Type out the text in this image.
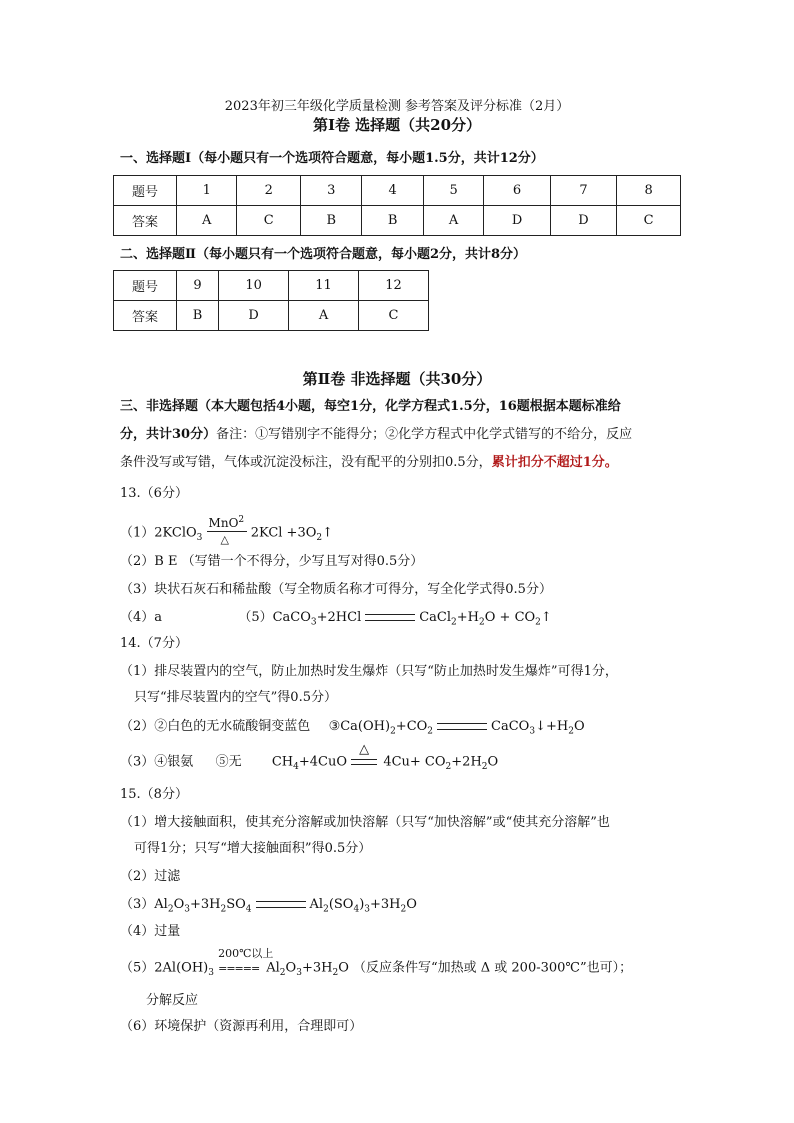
2023年初三年级化学质量检测 参考答案及评分标准（2月）
第Ⅰ卷 选择题（共20分）
一、选择题Ⅰ（每小题只有一个选项符合题意，每小题1.5分，共计12分）
题号	1	2	3	4	5	6	7	8
答案	A	C	B	B	A	D	D	C
二、选择题Ⅱ（每小题只有一个选项符合题意，每小题2分，共计8分）
题号	9	10	11	12
答案	B	D	A	C
第Ⅱ卷 非选择题（共30分）
三、非选择题（本大题包括4小题，每空1分，化学方程式1.5分，16题根据本题标准给
分，共计30分）备注：①写错别字不能得分；②化学方程式中化学式错写的不给分，反应
条件没写或写错，气体或沉淀没标注，没有配平的分别扣0.5分，累计扣分不超过1分。
13.（6分）
（1）2KClO$_3$
MnO$^2$
△ $2KCl +3O_2↑$
（2）B E （写错一个不得分，少写且写对得0.5分）
（3）块状石灰石和稀盐酸（写全物质名称才可得分，写全化学式得0.5分）
（4）a	（5）CaCO$_3$+2HCl	$CaCl_2+H_2O$ + $CO_2↑$
14.（7分）
（1）排尽装置内的空气，防止加热时发生爆炸（只写“防止加热时发生爆炸”可得1分，
只写“排尽装置内的空气”得0.5分）
（2）②白色的无水硫酸铜变蓝色 $③Ca(OH)_2+CO_2$	$CaCO_3↓+H_2O$
（3）④银氨 ⑤无 $CH_4+4CuO$
△
$4Cu+ CO_2+2H_2O$
15.（8分）
（1）增大接触面积，使其充分溶解或加快溶解（只写“加快溶解”或“使其充分溶解”也
可得1分；只写“增大接触面积”得0.5分）
（2）过滤
$(3)Al_2O_3+3H_2SO_4$	$Al_2(SO_4)_3+3H_2O$
（4）过量
$(5)2Al(OH)_3$
200℃以上
===== $Al_2O_3+3H_2O$ （反应条件写“加热或 Δ 或 200-300℃”也可）；
分解反应
（6）环境保护（资源再利用，合理即可）
